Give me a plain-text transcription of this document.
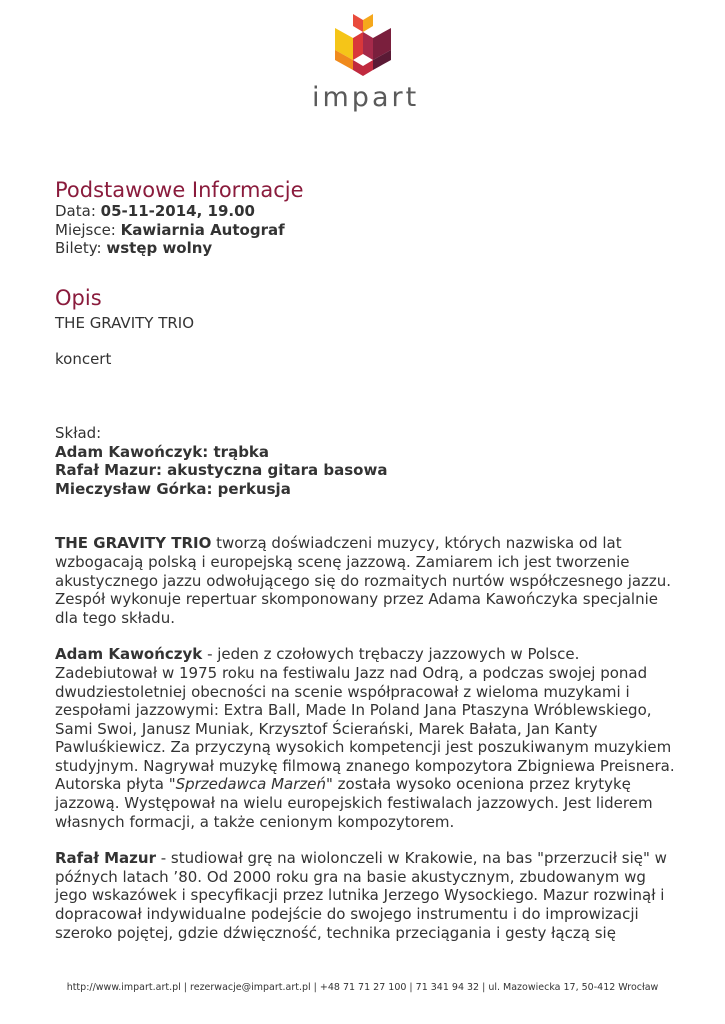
impart
Podstawowe Informacje
Data: 05-11-2014, 19.00
Miejsce: Kawiarnia Autograf
Bilety: wstęp wolny
Opis

THE GRAVITY TRIO

koncert

Skład:

Adam Kawończyk: trąbka

Rafał Mazur: akustyczna gitara basowa

Mieczysław Górka: perkusja

THE GRAVITY TRIO tworzą doświadczeni muzycy, których nazwiska od lat wzbogacają polską i europejską scenę jazzową. Zamiarem ich jest tworzenie akustycznego jazzu odwołującego się do rozmaitych nurtów współczesnego jazzu. Zespół wykonuje repertuar skomponowany przez Adama Kawończyka specjalnie dla tego składu.

Adam Kawończyk - jeden z czołowych trębaczy jazzowych w Polsce. Zadebiutował w 1975 roku na festiwalu Jazz nad Odrą, a podczas swojej ponad dwudziestoletniej obecności na scenie współpracował z wieloma muzykami i zespołami jazzowymi: Extra Ball, Made In Poland Jana Ptaszyna Wróblewskiego, Sami Swoi, Janusz Muniak, Krzysztof Ścierański, Marek Bałata, Jan Kanty Pawluśkiewicz. Za przyczyną wysokich kompetencji jest poszukiwanym muzykiem studyjnym. Nagrywał muzykę filmową znanego kompozytora Zbigniewa Preisnera. Autorska płyta "Sprzedawca Marzeń" została wysoko oceniona przez krytykę jazzową. Występował na wielu europejskich festiwalach jazzowych. Jest liderem własnych formacji, a także cenionym kompozytorem.

Rafał Mazur - studiował grę na wiolonczeli w Krakowie, na bas "przerzucił się" w późnych latach ’80. Od 2000 roku gra na basie akustycznym, zbudowanym wg jego wskazówek i specyfikacji przez lutnika Jerzego Wysockiego. Mazur rozwinął i dopracował indywidualne podejście do swojego instrumentu i do improwizacji szeroko pojętej, gdzie dźwięczność, technika przeciągania i gesty łączą się

http://www.impart.art.pl | rezerwacje@impart.art.pl | +48 71 71 27 100 | 71 341 94 32 | ul. Mazowiecka 17, 50-412 Wrocław
